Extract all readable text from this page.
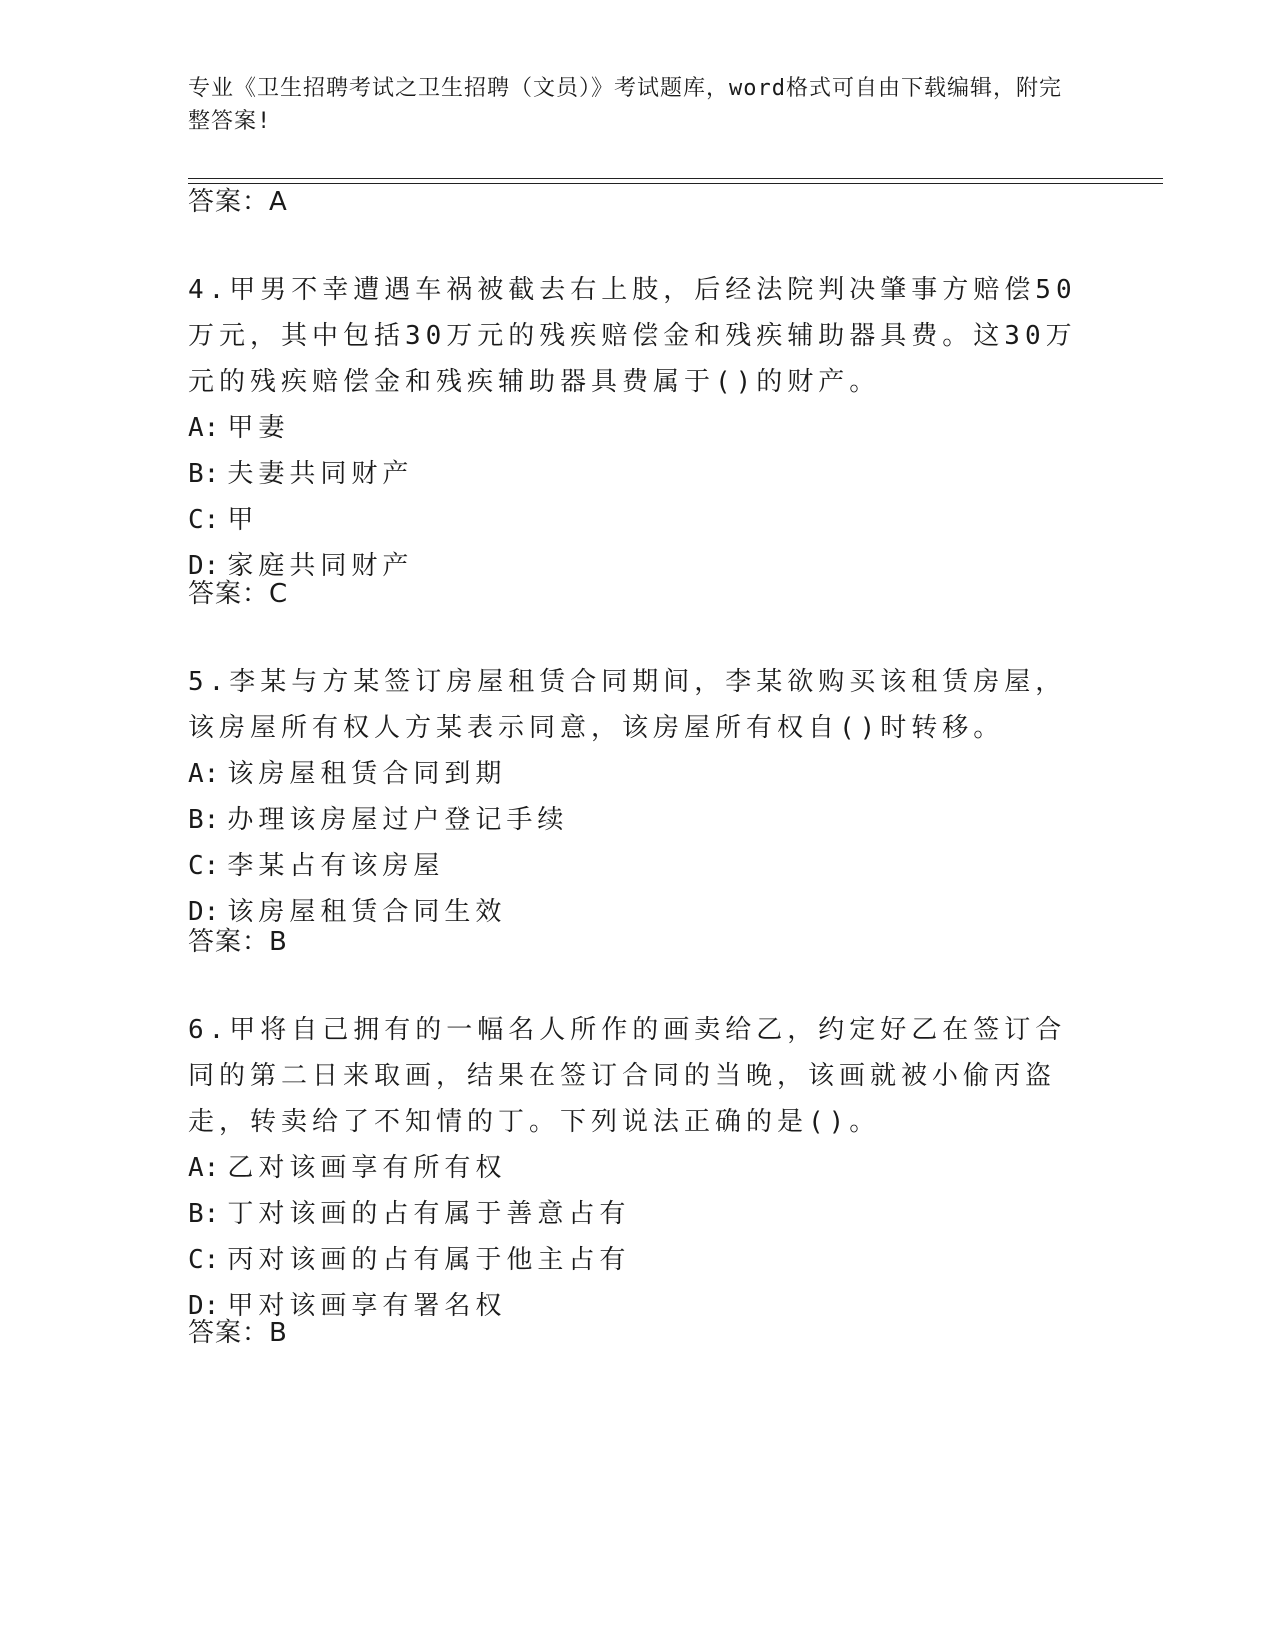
专业《卫生招聘考试之卫生招聘（文员）》考试题库，word格式可自由下载编辑，附完整答案!
答案：A
4.甲男不幸遭遇车祸被截去右上肢，后经法院判决肇事方赔偿50万元，其中包括30万元的残疾赔偿金和残疾辅助器具费。这30万元的残疾赔偿金和残疾辅助器具费属于()的财产。
A: 甲妻
B: 夫妻共同财产
C: 甲
D: 家庭共同财产
答案：C
5.李某与方某签订房屋租赁合同期间，李某欲购买该租赁房屋，该房屋所有权人方某表示同意，该房屋所有权自()时转移。
A: 该房屋租赁合同到期
B: 办理该房屋过户登记手续
C: 李某占有该房屋
D: 该房屋租赁合同生效
答案：B
6.甲将自己拥有的一幅名人所作的画卖给乙，约定好乙在签订合同的第二日来取画，结果在签订合同的当晚，该画就被小偷丙盗走，转卖给了不知情的丁。下列说法正确的是()。
A: 乙对该画享有所有权
B: 丁对该画的占有属于善意占有
C: 丙对该画的占有属于他主占有
D: 甲对该画享有署名权
答案：B
